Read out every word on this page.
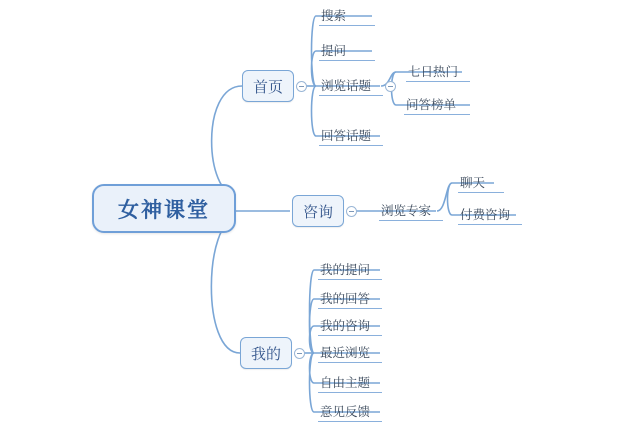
女神课堂
首页
搜索
提问
浏览话题
七日热门
问答榜单
回答话题
咨询	浏览专家
聊天
付费咨询
我的
我的提问
我的回答
我的咨询
最近浏览
自由主题
意见反馈
